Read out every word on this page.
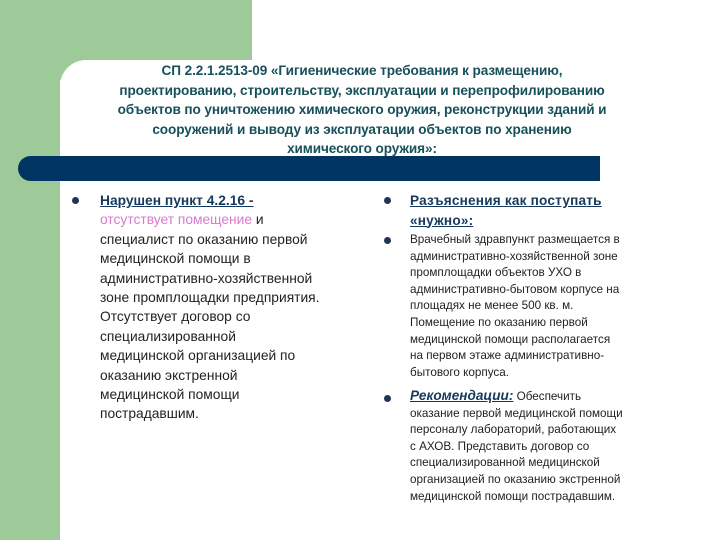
СП 2.2.1.2513-09 «Гигиенические требования к размещению,
проектированию, строительству, эксплуатации и перепрофилированию
объектов по уничтожению химического оружия, реконструкции зданий и
сооружений и выводу из эксплуатации объектов по хранению
химического оружия»:
Нарушен пункт 4.2.16 -
отсутствует помещение и
специалист по оказанию первой
медицинской помощи в
административно-хозяйственной
зоне промплощадки предприятия.
Отсутствует договор со
специализированной
медицинской организацией по
оказанию экстренной
медицинской помощи
пострадавшим.
Разъяснения как поступать
«нужно»:
Врачебный здравпункт размещается в
административно-хозяйственной зоне
промплощадки объектов УХО в
административно-бытовом корпусе на
площадях не менее 500 кв. м.
Помещение по оказанию первой
медицинской помощи располагается
на первом этаже административно-
бытового корпуса.
Рекомендации: Обеспечить
оказание первой медицинской помощи
персоналу лабораторий, работающих
с АХОВ. Представить договор со
специализированной медицинской
организацией по оказанию экстренной
медицинской помощи пострадавшим.
